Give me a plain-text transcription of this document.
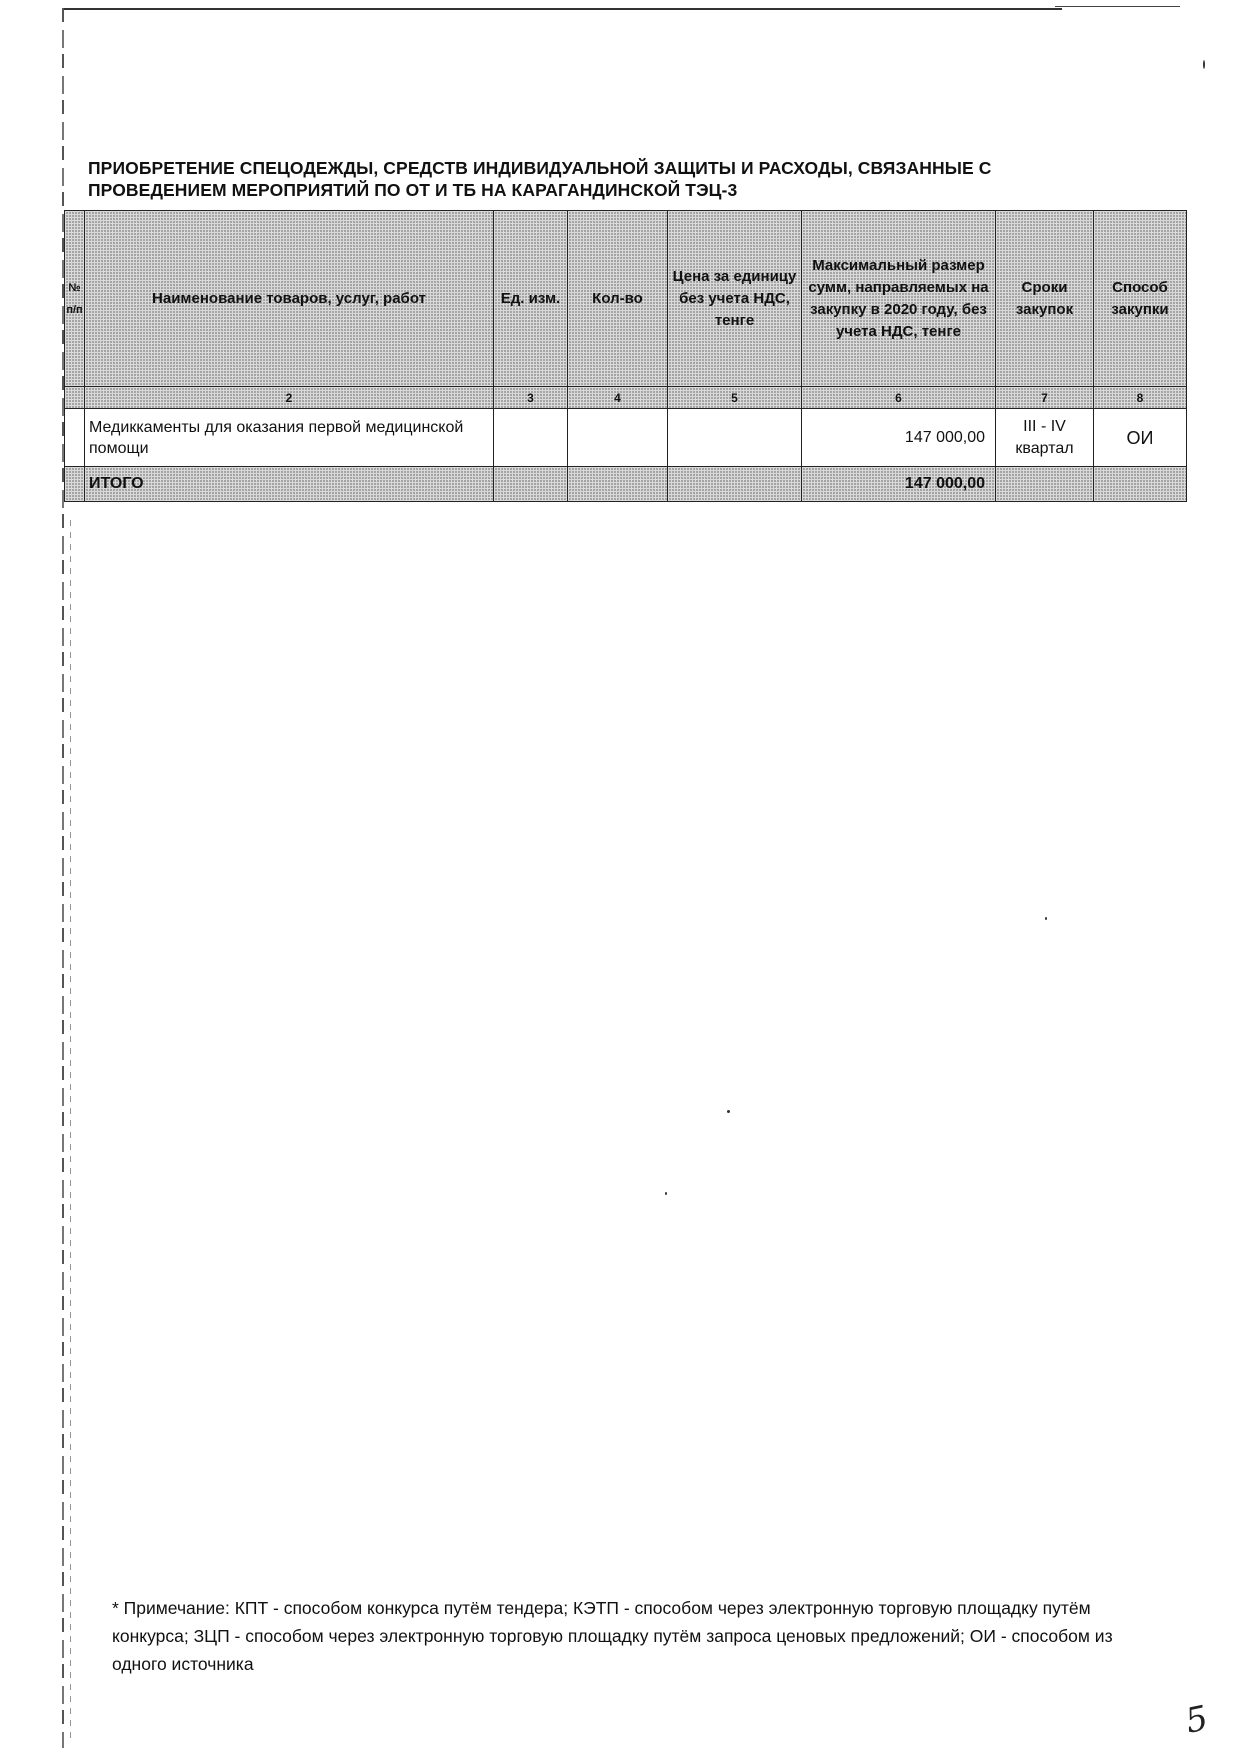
ПРИОБРЕТЕНИЕ СПЕЦОДЕЖДЫ, СРЕДСТВ ИНДИВИДУАЛЬНОЙ ЗАЩИТЫ И РАСХОДЫ, СВЯЗАННЫЕ С
ПРОВЕДЕНИЕМ МЕРОПРИЯТИЙ ПО ОТ И ТБ НА КАРАГАНДИНСКОЙ ТЭЦ-3
№ п/п	Наименование товаров, услуг, работ	Ед. изм.	Кол-во	Цена за единицу без учета НДС, тенге	Максимальный размер сумм, направляемых на закупку в 2020 году, без учета НДС, тенге	Сроки закупок	Способ закупки
	2	3	4	5	6	7	8
	Медиккаменты для оказания первой медицинской помощи				147 000,00	III - IV квартал	ОИ
	ИТОГО				147 000,00		
* Примечание: КПТ - способом конкурса путём тендера; КЭТП - способом через электронную торговую площадку путём конкурса; ЗЦП - способом через электронную торговую площадку путём запроса ценовых предложений; ОИ - способом из одного источника
5
